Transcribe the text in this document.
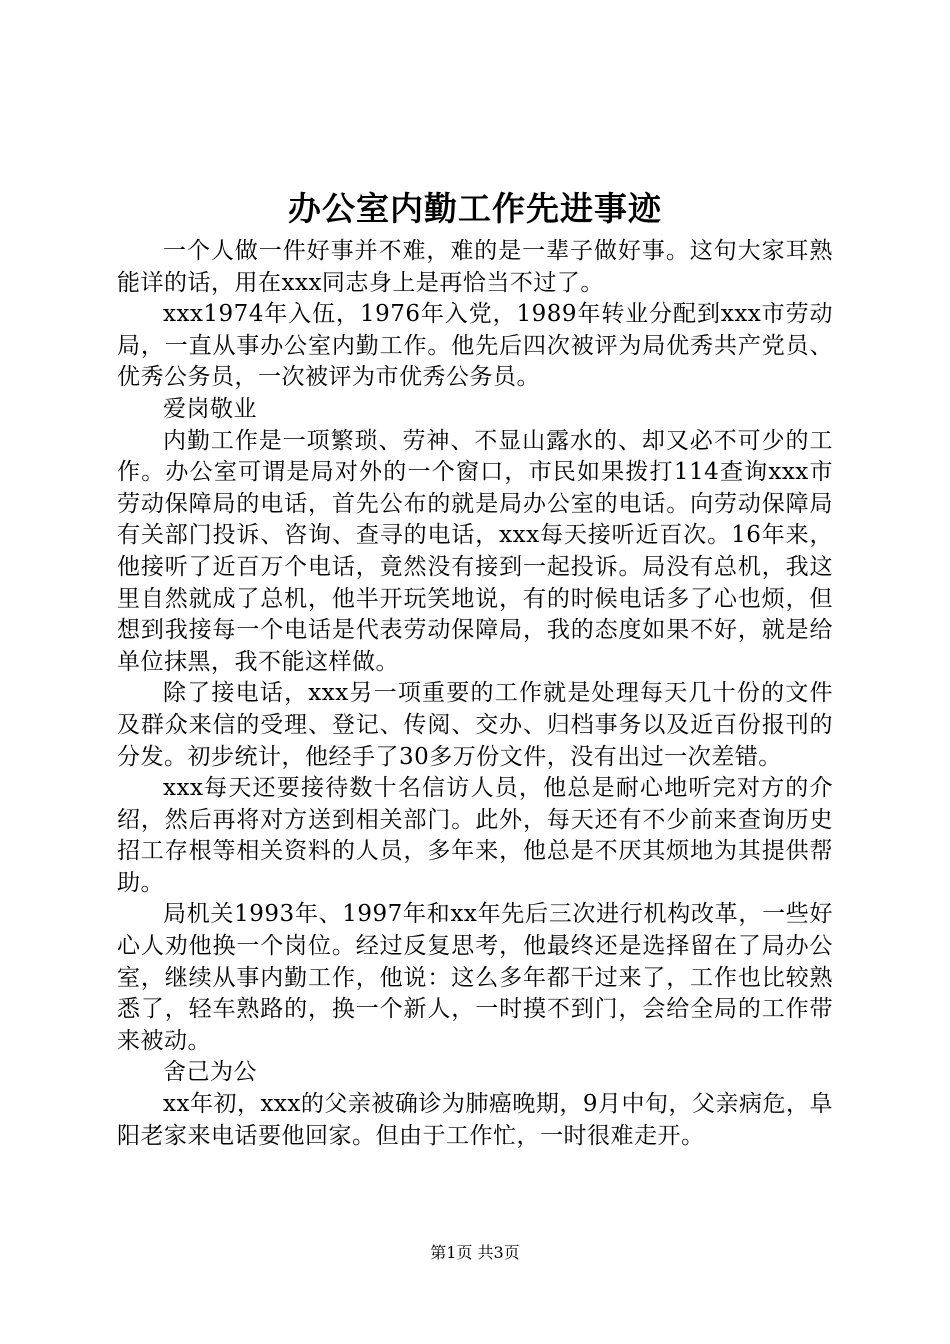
办公室内勤工作先进事迹

一个人做一件好事并不难，难的是一辈子做好事。这句大家耳熟能详的话，用在xxx同志身上是再恰当不过了。

xxx1974年入伍，1976年入党，1989年转业分配到xxx市劳动局，一直从事办公室内勤工作。他先后四次被评为局优秀共产党员、优秀公务员，一次被评为市优秀公务员。

爱岗敬业

内勤工作是一项繁琐、劳神、不显山露水的、却又必不可少的工作。办公室可谓是局对外的一个窗口，市民如果拨打114查询xxx市劳动保障局的电话，首先公布的就是局办公室的电话。向劳动保障局有关部门投诉、咨询、查寻的电话，xxx每天接听近百次。16年来，他接听了近百万个电话，竟然没有接到一起投诉。局没有总机，我这里自然就成了总机，他半开玩笑地说，有的时候电话多了心也烦，但想到我接每一个电话是代表劳动保障局，我的态度如果不好，就是给单位抹黑，我不能这样做。

除了接电话，xxx另一项重要的工作就是处理每天几十份的文件及群众来信的受理、登记、传阅、交办、归档事务以及近百份报刊的分发。初步统计，他经手了30多万份文件，没有出过一次差错。

xxx每天还要接待数十名信访人员，他总是耐心地听完对方的介绍，然后再将对方送到相关部门。此外，每天还有不少前来查询历史招工存根等相关资料的人员，多年来，他总是不厌其烦地为其提供帮助。

局机关1993年、1997年和xx年先后三次进行机构改革，一些好心人劝他换一个岗位。经过反复思考，他最终还是选择留在了局办公室，继续从事内勤工作，他说：这么多年都干过来了，工作也比较熟悉了，轻车熟路的，换一个新人，一时摸不到门，会给全局的工作带来被动。

舍己为公

xx年初，xxx的父亲被确诊为肺癌晚期，9月中旬，父亲病危，阜阳老家来电话要他回家。但由于工作忙，一时很难走开。

第1页 共3页
